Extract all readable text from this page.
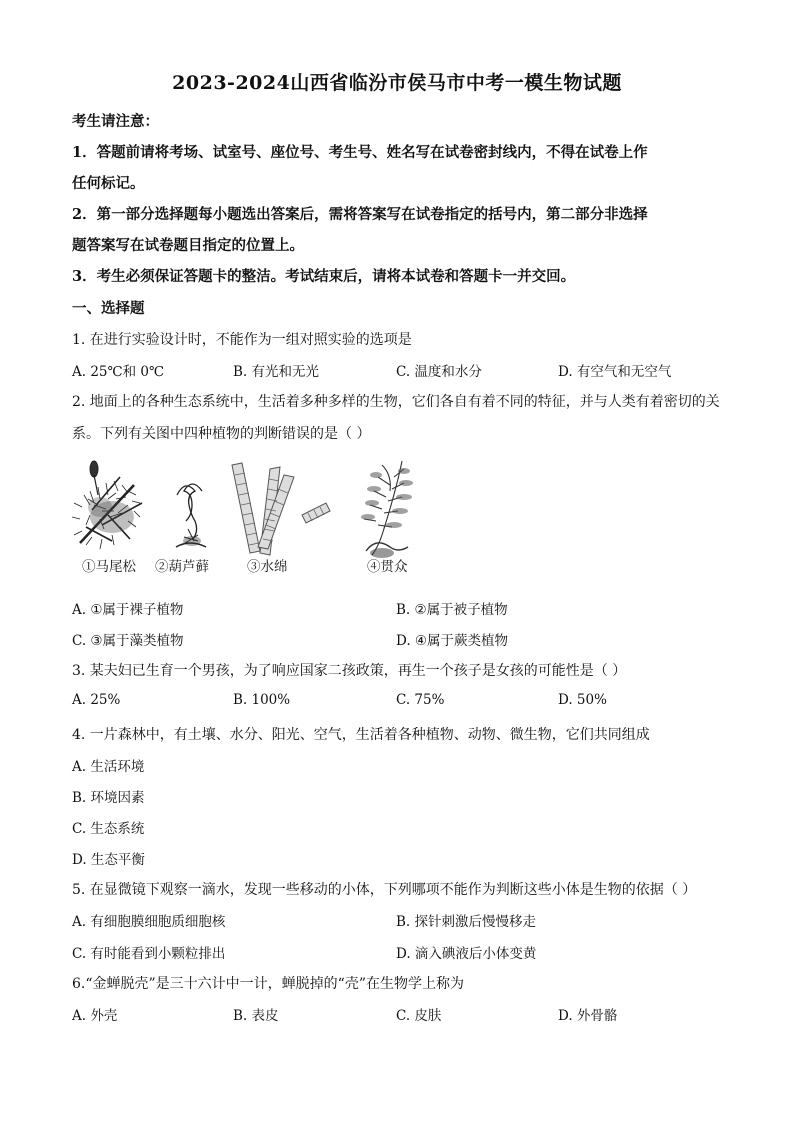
2023-2024山西省临汾市侯马市中考一模生物试题
考生请注意：
1．答题前请将考场、试室号、座位号、考生号、姓名写在试卷密封线内，不得在试卷上作
任何标记。
2．第一部分选择题每小题选出答案后，需将答案写在试卷指定的括号内，第二部分非选择
题答案写在试卷题目指定的位置上。
3．考生必须保证答题卡的整洁。考试结束后，请将本试卷和答题卡一并交回。
一、选择题
1. 在进行实验设计时，不能作为一组对照实验的选项是
A. 25℃和 0℃	B. 有光和无光	C. 温度和水分	D. 有空气和无空气
2. 地面上的各种生态系统中，生活着多种多样的生物，它们各自有着不同的特征，并与人类有着密切的关
系。下列有关图中四种植物的判断错误的是（ ）
①马尾松 ②葫芦藓	③水绵	④贯众
A. ①属于裸子植物	B. ②属于被子植物
C. ③属于藻类植物	D. ④属于蕨类植物
3. 某夫妇已生育一个男孩，为了响应国家二孩政策，再生一个孩子是女孩的可能性是（ ）
A. 25%	B. 100%	C. 75%	D. 50%
4. 一片森林中，有土壤、水分、阳光、空气，生活着各种植物、动物、微生物，它们共同组成
A. 生活环境
B. 环境因素
C. 生态系统
D. 生态平衡
5. 在显微镜下观察一滴水，发现一些移动的小体，下列哪项不能作为判断这些小体是生物的依据（ ）
A. 有细胞膜细胞质细胞核	B. 探针刺激后慢慢移走
C. 有时能看到小颗粒排出	D. 滴入碘液后小体变黄
6.“金蝉脱壳”是三十六计中一计，蝉脱掉的“壳”在生物学上称为
A. 外壳	B. 表皮	C. 皮肤	D. 外骨骼
